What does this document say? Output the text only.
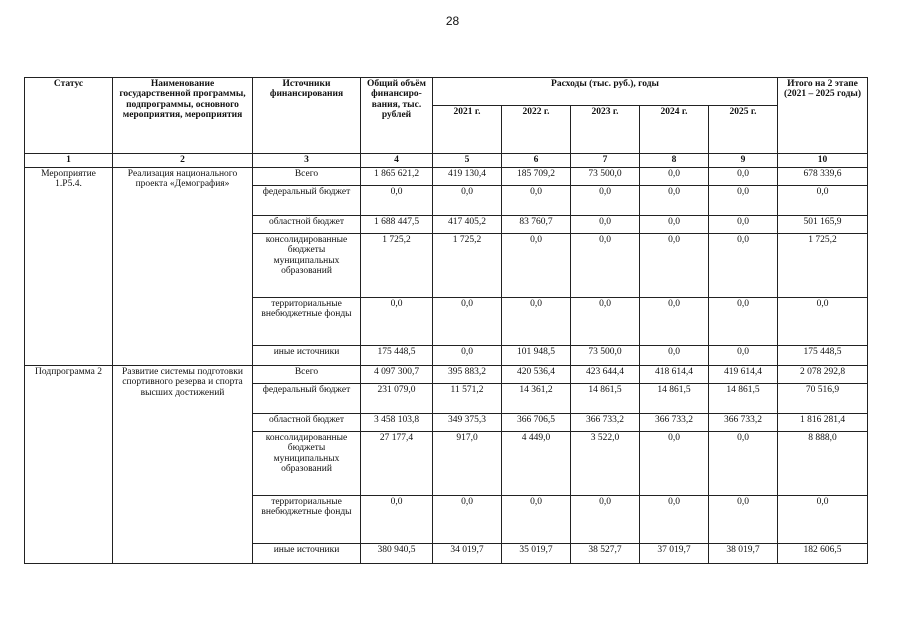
28
Статус	Наименование государственной программы, подпрограммы, основного мероприятия, мероприятия	Источники финансирования	Общий объём финансиро-вания, тыс. рублей	Расходы (тыс. руб.), годы					Итого на 2 этапе (2021 – 2025 годы)
				2021 г.	2022 г.	2023 г.	2024 г.	2025 г.	
1	2	3	4	5	6	7	8	9	10
Мероприятие 1.Р5.4.	Реализация национального проекта «Демография»	Всего	1 865 621,2	419 130,4	185 709,2	73 500,0	0,0	0,0	678 339,6
		федеральный бюджет	0,0	0,0	0,0	0,0	0,0	0,0	0,0
		областной бюджет	1 688 447,5	417 405,2	83 760,7	0,0	0,0	0,0	501 165,9
		консолидированные бюджеты муниципальных образований	1 725,2	1 725,2	0,0	0,0	0,0	0,0	1 725,2
		территориальные внебюджетные фонды	0,0	0,0	0,0	0,0	0,0	0,0	0,0
		иные источники	175 448,5	0,0	101 948,5	73 500,0	0,0	0,0	175 448,5
Подпрограмма 2	Развитие системы подготовки спортивного резерва и спорта высших достижений	Всего	4 097 300,7	395 883,2	420 536,4	423 644,4	418 614,4	419 614,4	2 078 292,8
		федеральный бюджет	231 079,0	11 571,2	14 361,2	14 861,5	14 861,5	14 861,5	70 516,9
		областной бюджет	3 458 103,8	349 375,3	366 706,5	366 733,2	366 733,2	366 733,2	1 816 281,4
		консолидированные бюджеты муниципальных образований	27 177,4	917,0	4 449,0	3 522,0	0,0	0,0	8 888,0
		территориальные внебюджетные фонды	0,0	0,0	0,0	0,0	0,0	0,0	0,0
		иные источники	380 940,5	34 019,7	35 019,7	38 527,7	37 019,7	38 019,7	182 606,5
